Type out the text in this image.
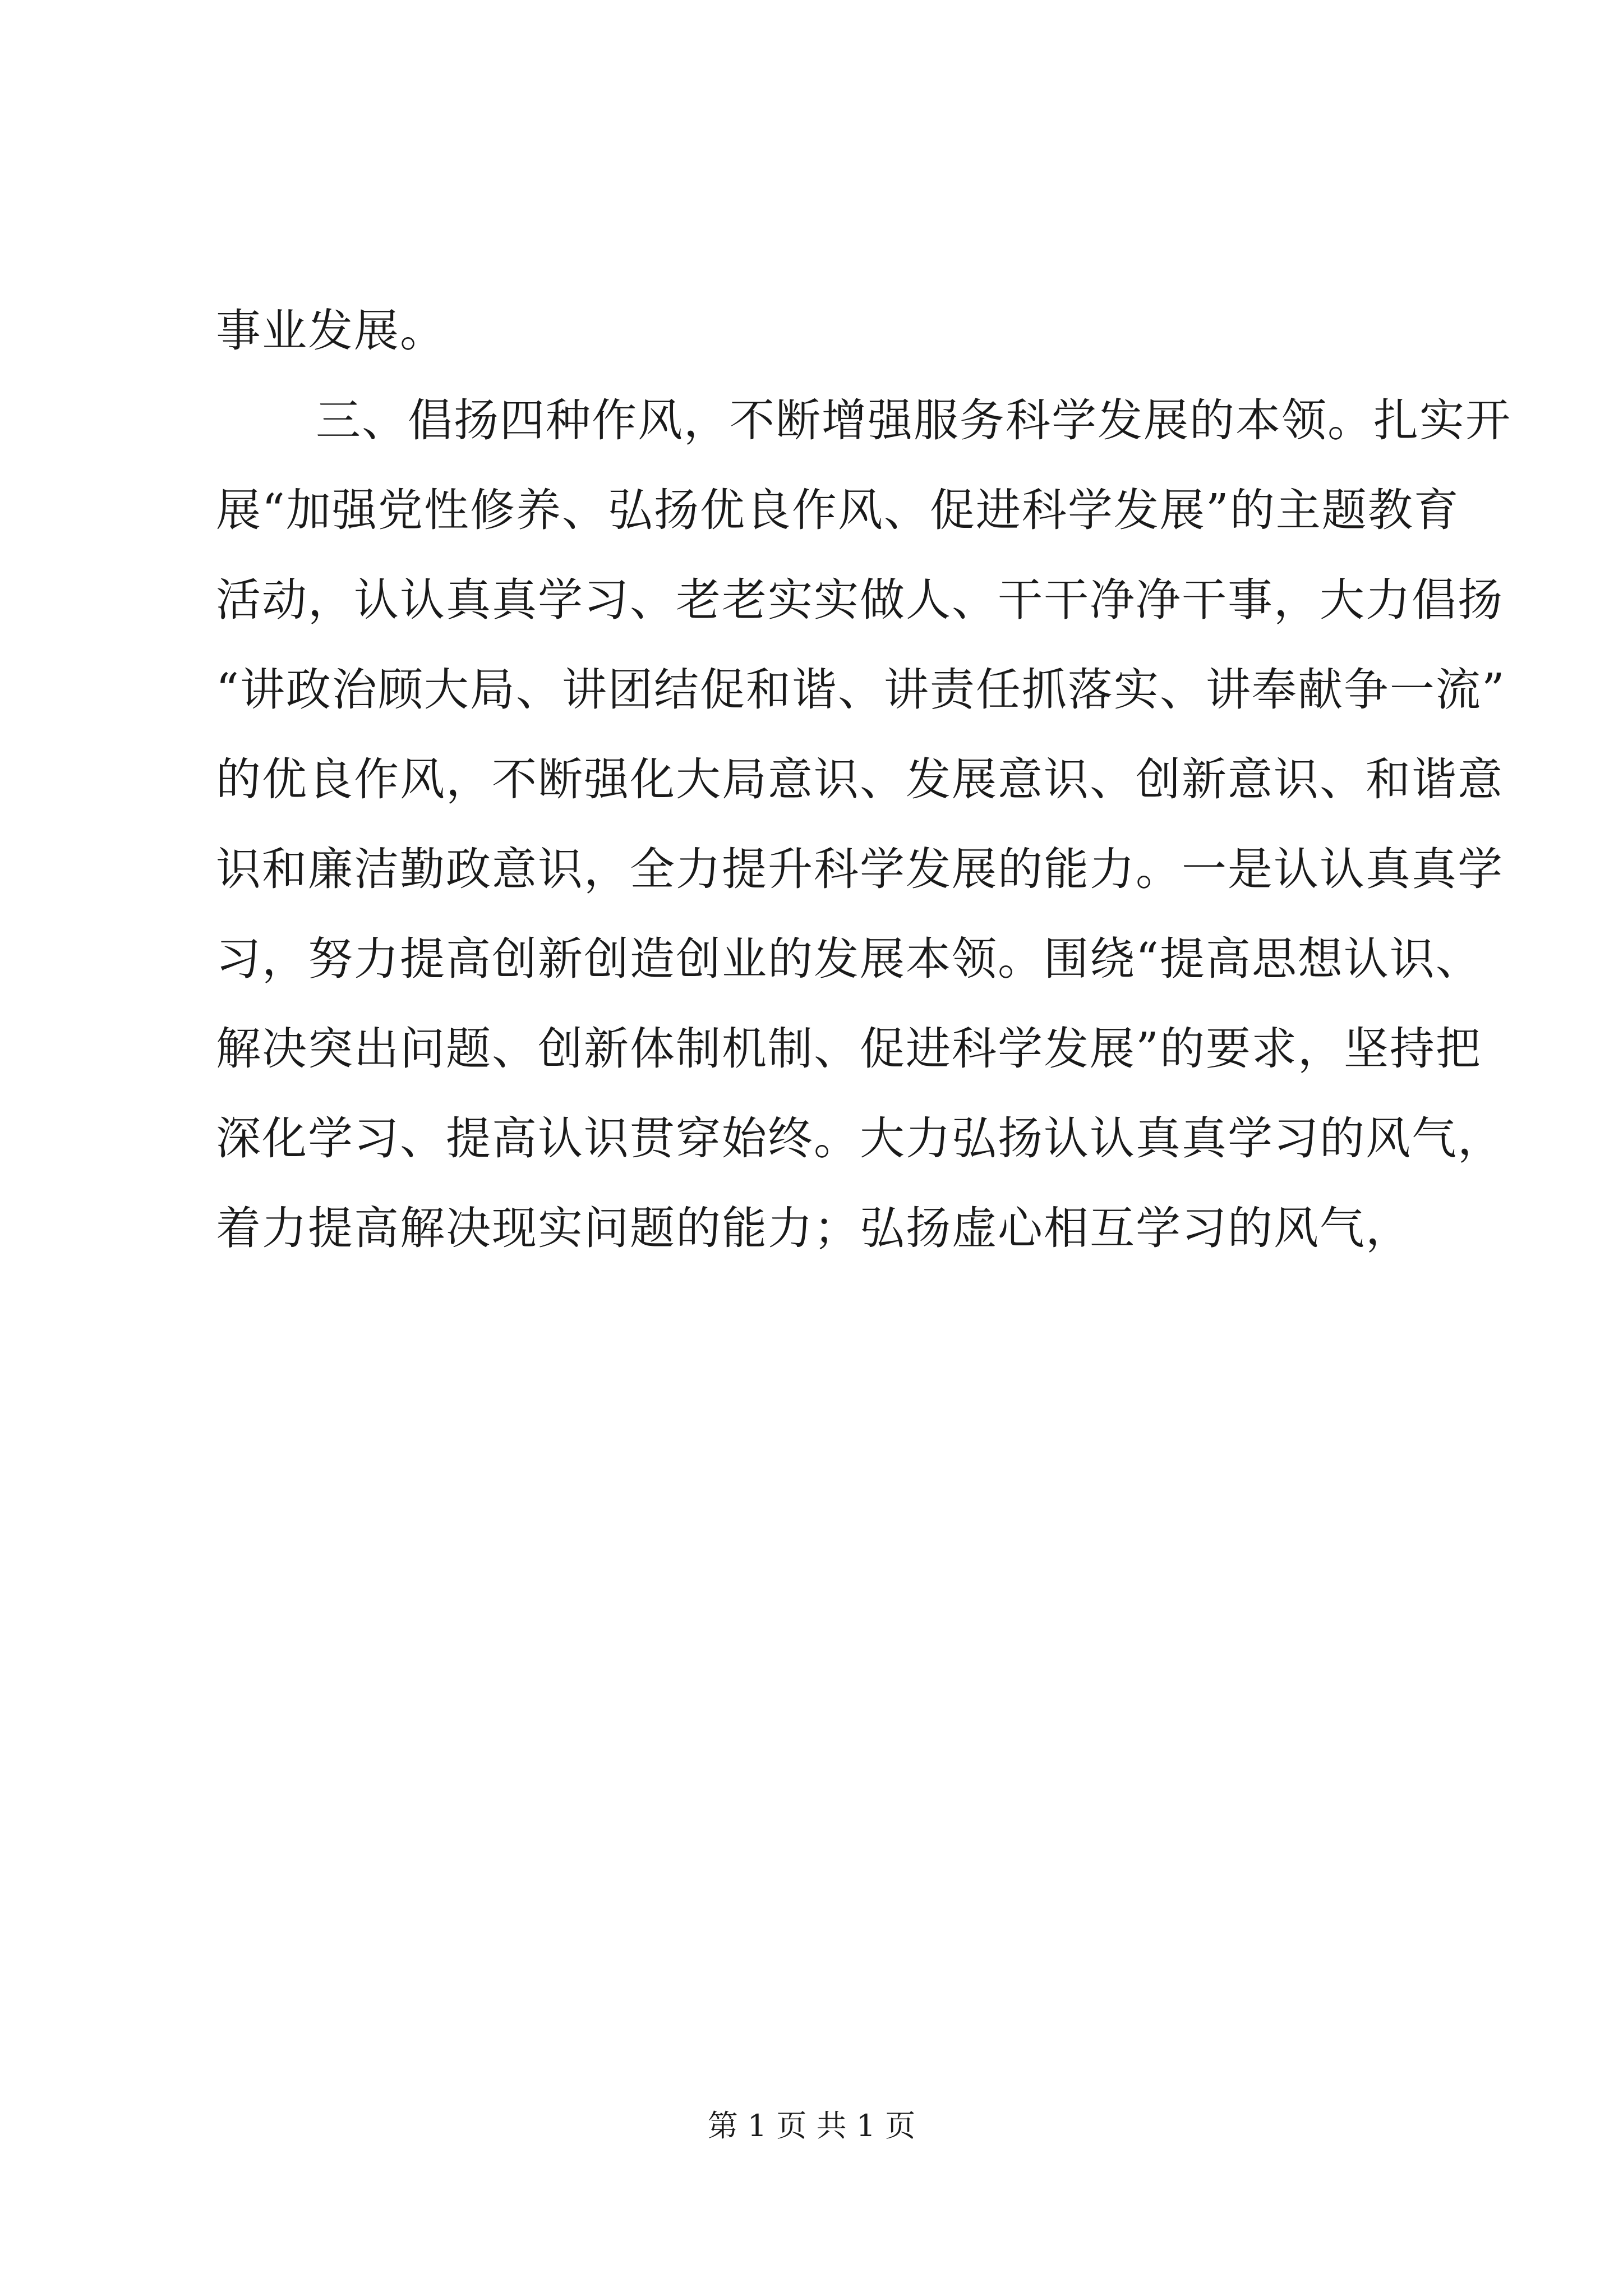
事业发展。
三、倡扬四种作风，不断增强服务科学发展的本领。扎实开
展“加强党性修养、弘扬优良作风、促进科学发展”的主题教育
活动，认认真真学习、老老实实做人、干干净净干事，大力倡扬
“讲政治顾大局、讲团结促和谐、讲责任抓落实、讲奉献争一流”
的优良作风，不断强化大局意识、发展意识、创新意识、和谐意
识和廉洁勤政意识，全力提升科学发展的能力。一是认认真真学
习，努力提高创新创造创业的发展本领。围绕“提高思想认识、
解决突出问题、创新体制机制、促进科学发展”的要求，坚持把
深化学习、提高认识贯穿始终。大力弘扬认认真真学习的风气，
着力提高解决现实问题的能力；弘扬虚心相互学习的风气，
第 1 页 共 1 页
